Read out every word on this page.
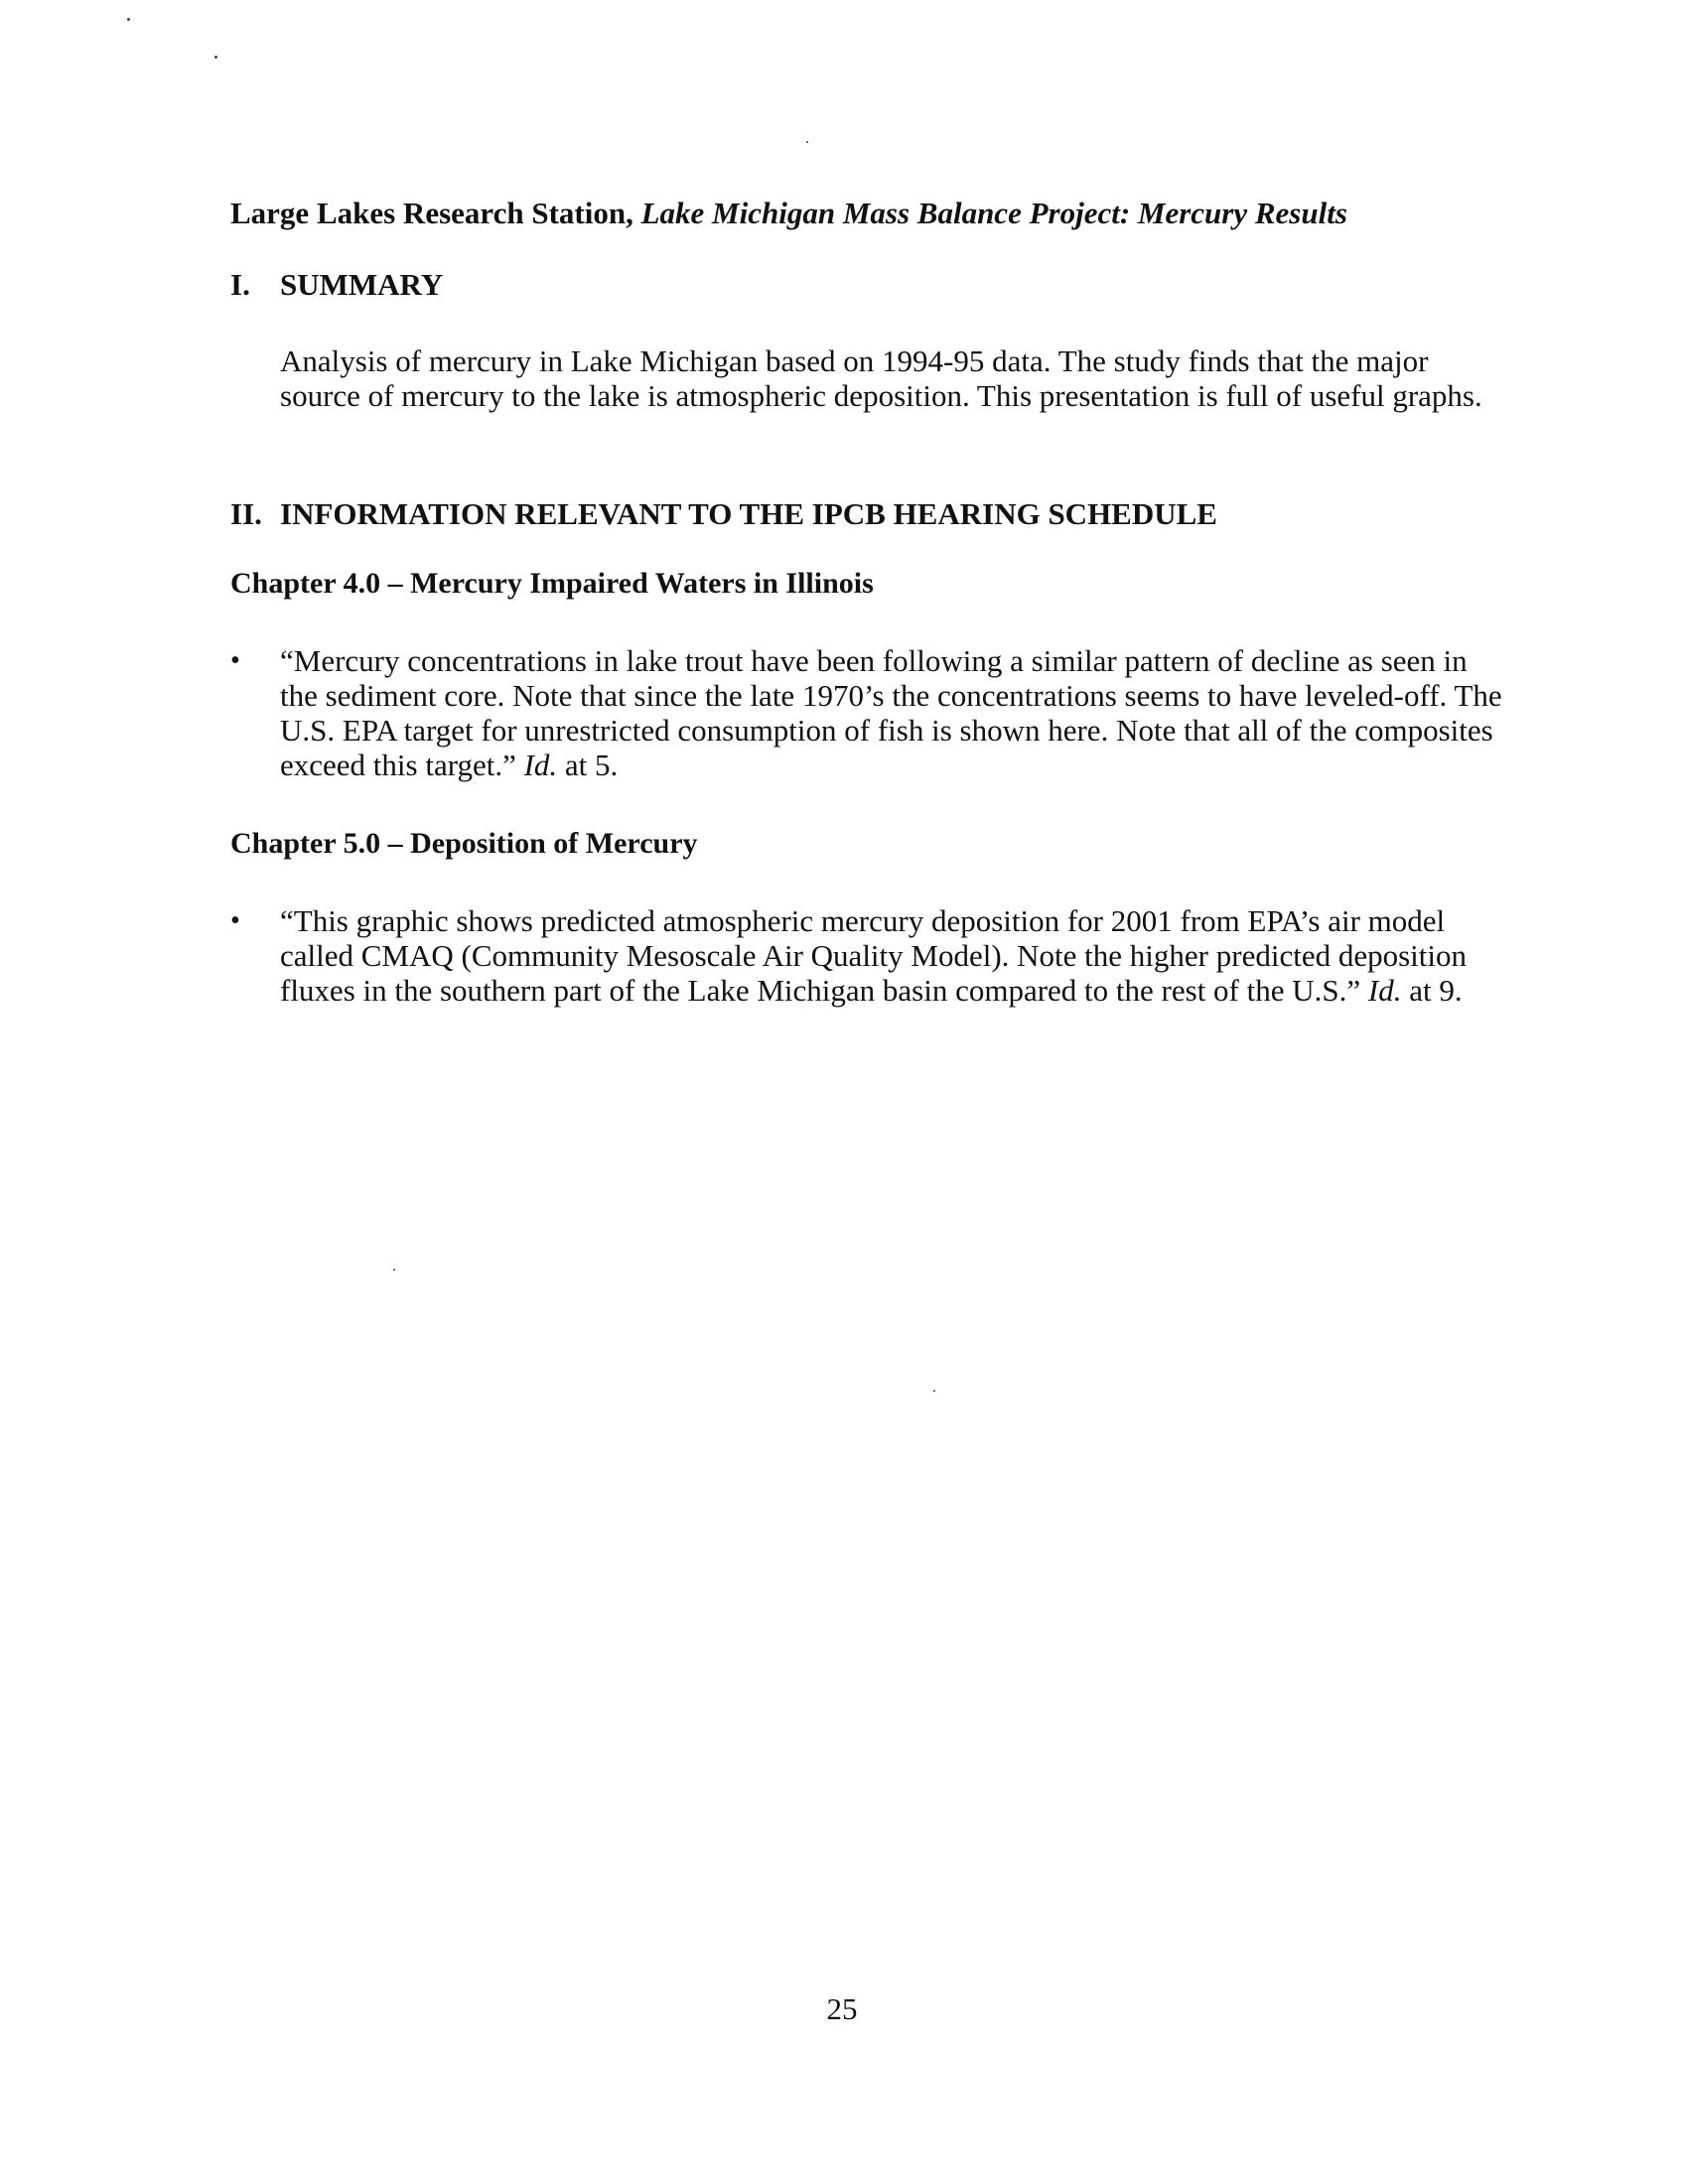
Large Lakes Research Station, Lake Michigan Mass Balance Project: Mercury Results
I. SUMMARY
Analysis of mercury in Lake Michigan based on 1994-95 data. The study finds that the major source of mercury to the lake is atmospheric deposition. This presentation is full of useful graphs.
II. INFORMATION RELEVANT TO THE IPCB HEARING SCHEDULE
Chapter 4.0 – Mercury Impaired Waters in Illinois
• “Mercury concentrations in lake trout have been following a similar pattern of decline as seen in the sediment core. Note that since the late 1970’s the concentrations seems to have leveled-off. The U.S. EPA target for unrestricted consumption of fish is shown here. Note that all of the composites exceed this target.” Id. at 5.
Chapter 5.0 – Deposition of Mercury
• “This graphic shows predicted atmospheric mercury deposition for 2001 from EPA’s air model called CMAQ (Community Mesoscale Air Quality Model). Note the higher predicted deposition fluxes in the southern part of the Lake Michigan basin compared to the rest of the U.S.” Id. at 9.
25
